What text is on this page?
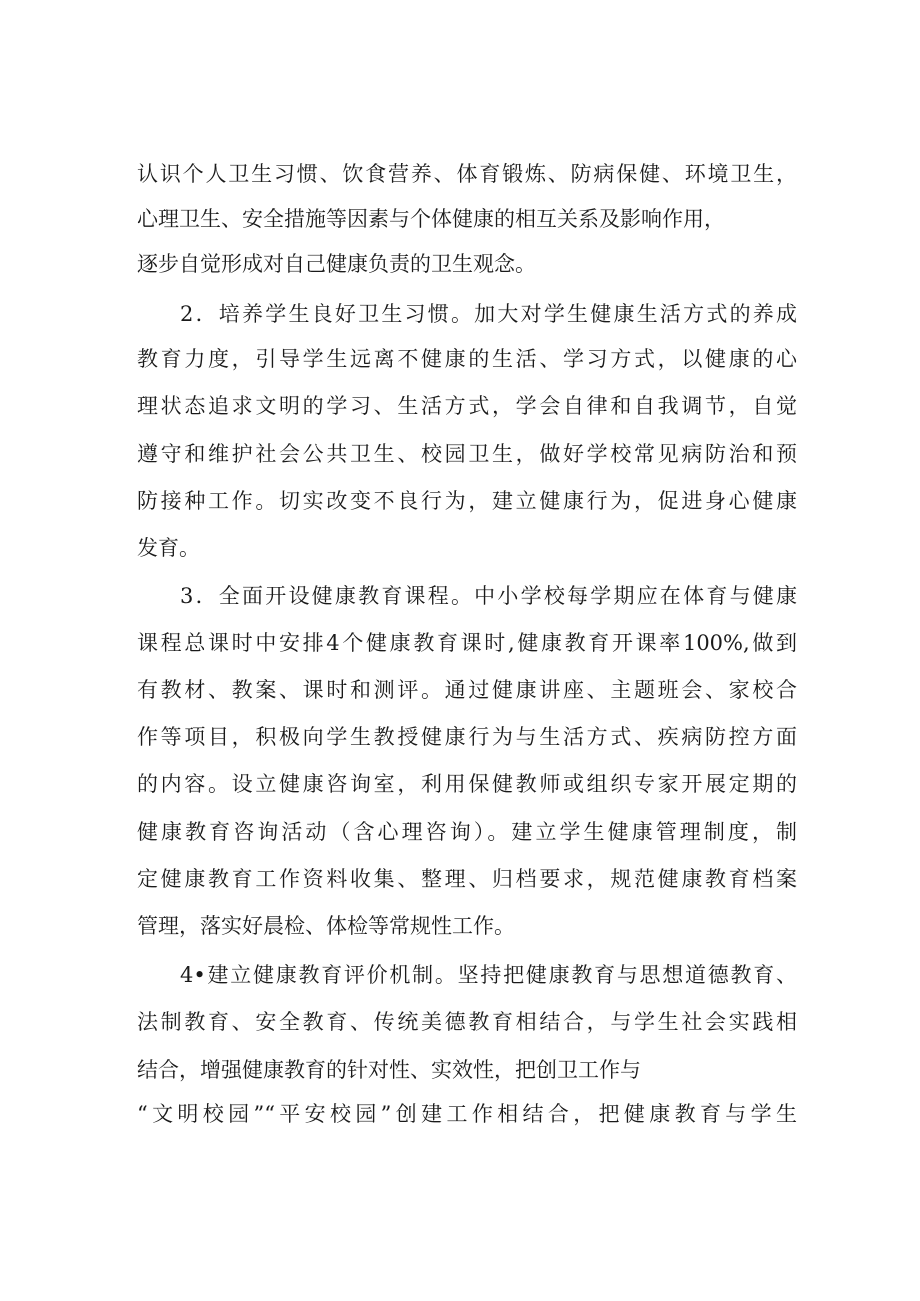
认识个人卫生习惯、饮食营养、体育锻炼、防病保健、环境卫生，
心理卫生、安全措施等因素与个体健康的相互关系及影响作用，
逐步自觉形成对自己健康负责的卫生观念。
2．培养学生良好卫生习惯。加大对学生健康生活方式的养成
教育力度，引导学生远离不健康的生活、学习方式，以健康的心
理状态追求文明的学习、生活方式，学会自律和自我调节，自觉
遵守和维护社会公共卫生、校园卫生，做好学校常见病防治和预
防接种工作。切实改变不良行为，建立健康行为，促进身心健康
发育。
3．全面开设健康教育课程。中小学校每学期应在体育与健康
课程总课时中安排4个健康教育课时,健康教育开课率100%,做到
有教材、教案、课时和测评。通过健康讲座、主题班会、家校合
作等项目，积极向学生教授健康行为与生活方式、疾病防控方面
的内容。设立健康咨询室，利用保健教师或组织专家开展定期的
健康教育咨询活动（含心理咨询）。建立学生健康管理制度，制
定健康教育工作资料收集、整理、归档要求，规范健康教育档案
管理，落实好晨检、体检等常规性工作。
4•建立健康教育评价机制。坚持把健康教育与思想道德教育、
法制教育、安全教育、传统美德教育相结合，与学生社会实践相
结合，增强健康教育的针对性、实效性，把创卫工作与
“文明校园”“平安校园”创建工作相结合，把健康教育与学生
